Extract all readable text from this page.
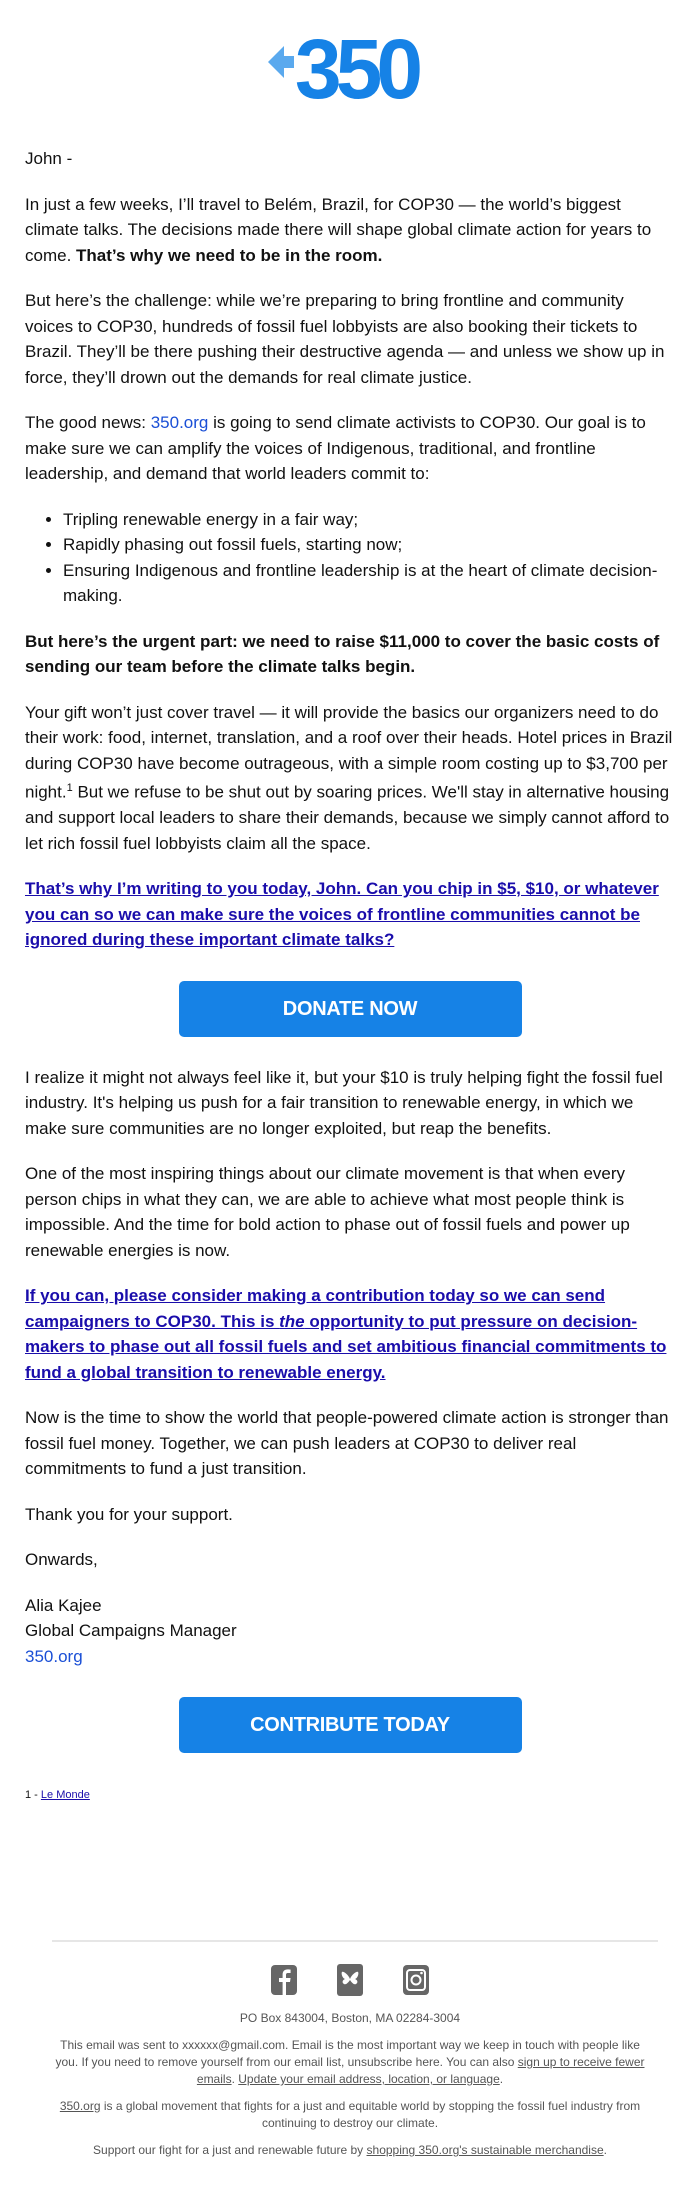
350

John -

In just a few weeks, I’ll travel to Belém, Brazil, for COP30 — the world’s biggest climate talks. The decisions made there will shape global climate action for years to come. That’s why we need to be in the room.

But here’s the challenge: while we’re preparing to bring frontline and community voices to COP30, hundreds of fossil fuel lobbyists are also booking their tickets to Brazil. They’ll be there pushing their destructive agenda — and unless we show up in force, they’ll drown out the demands for real climate justice.

The good news: 350.org is going to send climate activists to COP30. Our goal is to make sure we can amplify the voices of Indigenous, traditional, and frontline leadership, and demand that world leaders commit to:

• Tripling renewable energy in a fair way;
• Rapidly phasing out fossil fuels, starting now;
• Ensuring Indigenous and frontline leadership is at the heart of climate decision-making.

But here’s the urgent part: we need to raise $11,000 to cover the basic costs of sending our team before the climate talks begin.

Your gift won’t just cover travel — it will provide the basics our organizers need to do their work: food, internet, translation, and a roof over their heads. Hotel prices in Brazil during COP30 have become outrageous, with a simple room costing up to $3,700 per night.$^1$ But we refuse to be shut out by soaring prices. We'll stay in alternative housing and support local leaders to share their demands, because we simply cannot afford to let rich fossil fuel lobbyists claim all the space.

That’s why I’m writing to you today, John. Can you chip in $5, $10, or whatever you can so we can make sure the voices of frontline communities cannot be ignored during these important climate talks?

DONATE NOW

I realize it might not always feel like it, but your $10 is truly helping fight the fossil fuel industry. It's helping us push for a fair transition to renewable energy, in which we make sure communities are no longer exploited, but reap the benefits.

One of the most inspiring things about our climate movement is that when every person chips in what they can, we are able to achieve what most people think is impossible. And the time for bold action to phase out of fossil fuels and power up renewable energies is now.

If you can, please consider making a contribution today so we can send campaigners to COP30. This is the opportunity to put pressure on decision-makers to phase out all fossil fuels and set ambitious financial commitments to fund a global transition to renewable energy.

Now is the time to show the world that people-powered climate action is stronger than fossil fuel money. Together, we can push leaders at COP30 to deliver real commitments to fund a just transition.

Thank you for your support.

Onwards,

Alia Kajee

Global Campaigns Manager

350.org

CONTRIBUTE TODAY
1 - Le Monde

PO Box 843004, Boston, MA 02284-3004

This email was sent to xxxxxx@gmail.com. Email is the most important way we keep in touch with people like you. If you need to remove yourself from our email list, unsubscribe here. You can also sign up to receive fewer emails. Update your email address, location, or language.

350.org is a global movement that fights for a just and equitable world by stopping the fossil fuel industry from continuing to destroy our climate.

Support our fight for a just and renewable future by shopping 350.org's sustainable merchandise.
